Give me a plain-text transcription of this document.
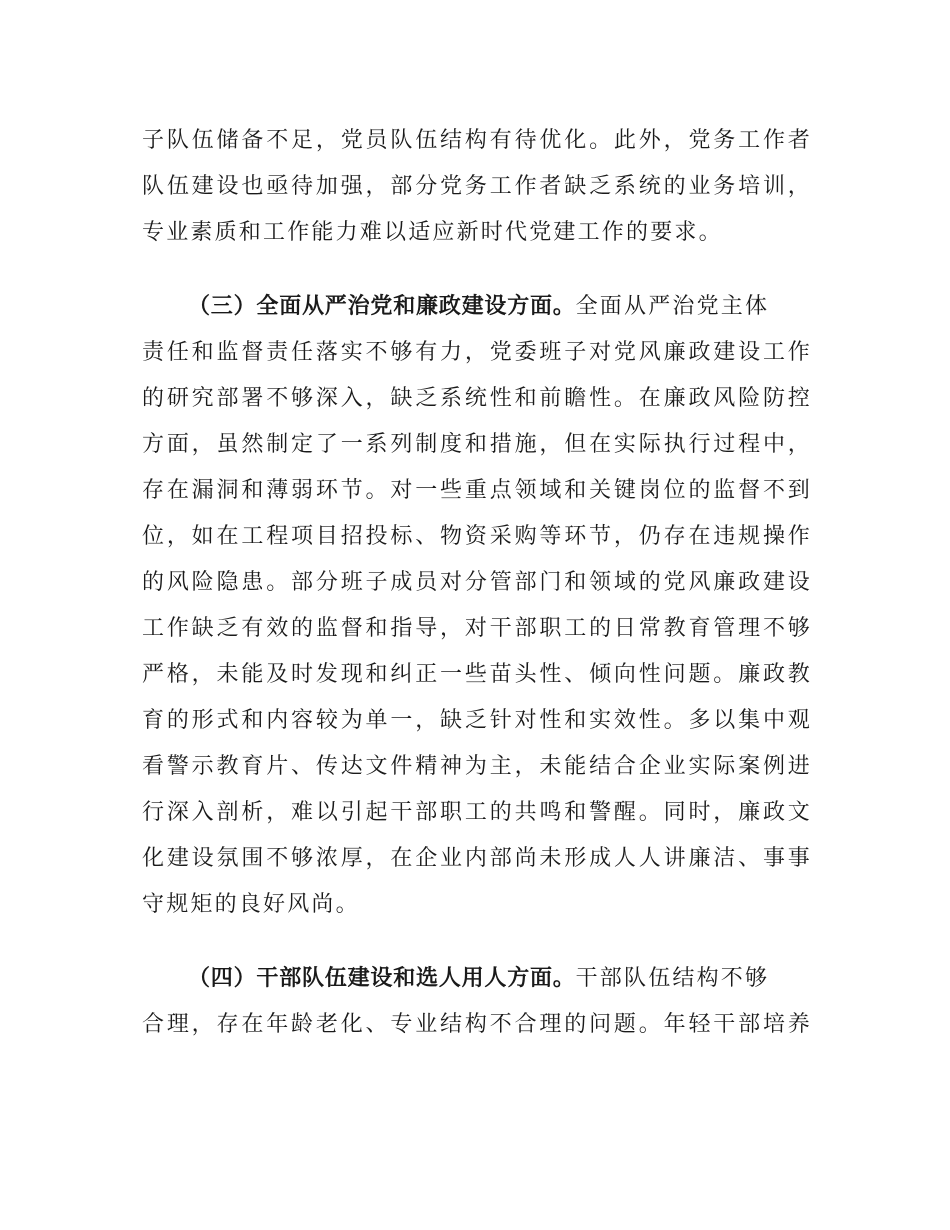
子队伍储备不足，党员队伍结构有待优化。此外，党务工作者
队伍建设也亟待加强，部分党务工作者缺乏系统的业务培训，
专业素质和工作能力难以适应新时代党建工作的要求。
（三）全面从严治党和廉政建设方面。全面从严治党主体
责任和监督责任落实不够有力，党委班子对党风廉政建设工作
的研究部署不够深入，缺乏系统性和前瞻性。在廉政风险防控
方面，虽然制定了一系列制度和措施，但在实际执行过程中，
存在漏洞和薄弱环节。对一些重点领域和关键岗位的监督不到
位，如在工程项目招投标、物资采购等环节，仍存在违规操作
的风险隐患。部分班子成员对分管部门和领域的党风廉政建设
工作缺乏有效的监督和指导，对干部职工的日常教育管理不够
严格，未能及时发现和纠正一些苗头性、倾向性问题。廉政教
育的形式和内容较为单一，缺乏针对性和实效性。多以集中观
看警示教育片、传达文件精神为主，未能结合企业实际案例进
行深入剖析，难以引起干部职工的共鸣和警醒。同时，廉政文
化建设氛围不够浓厚，在企业内部尚未形成人人讲廉洁、事事
守规矩的良好风尚。
（四）干部队伍建设和选人用人方面。干部队伍结构不够
合理，存在年龄老化、专业结构不合理的问题。年轻干部培养
